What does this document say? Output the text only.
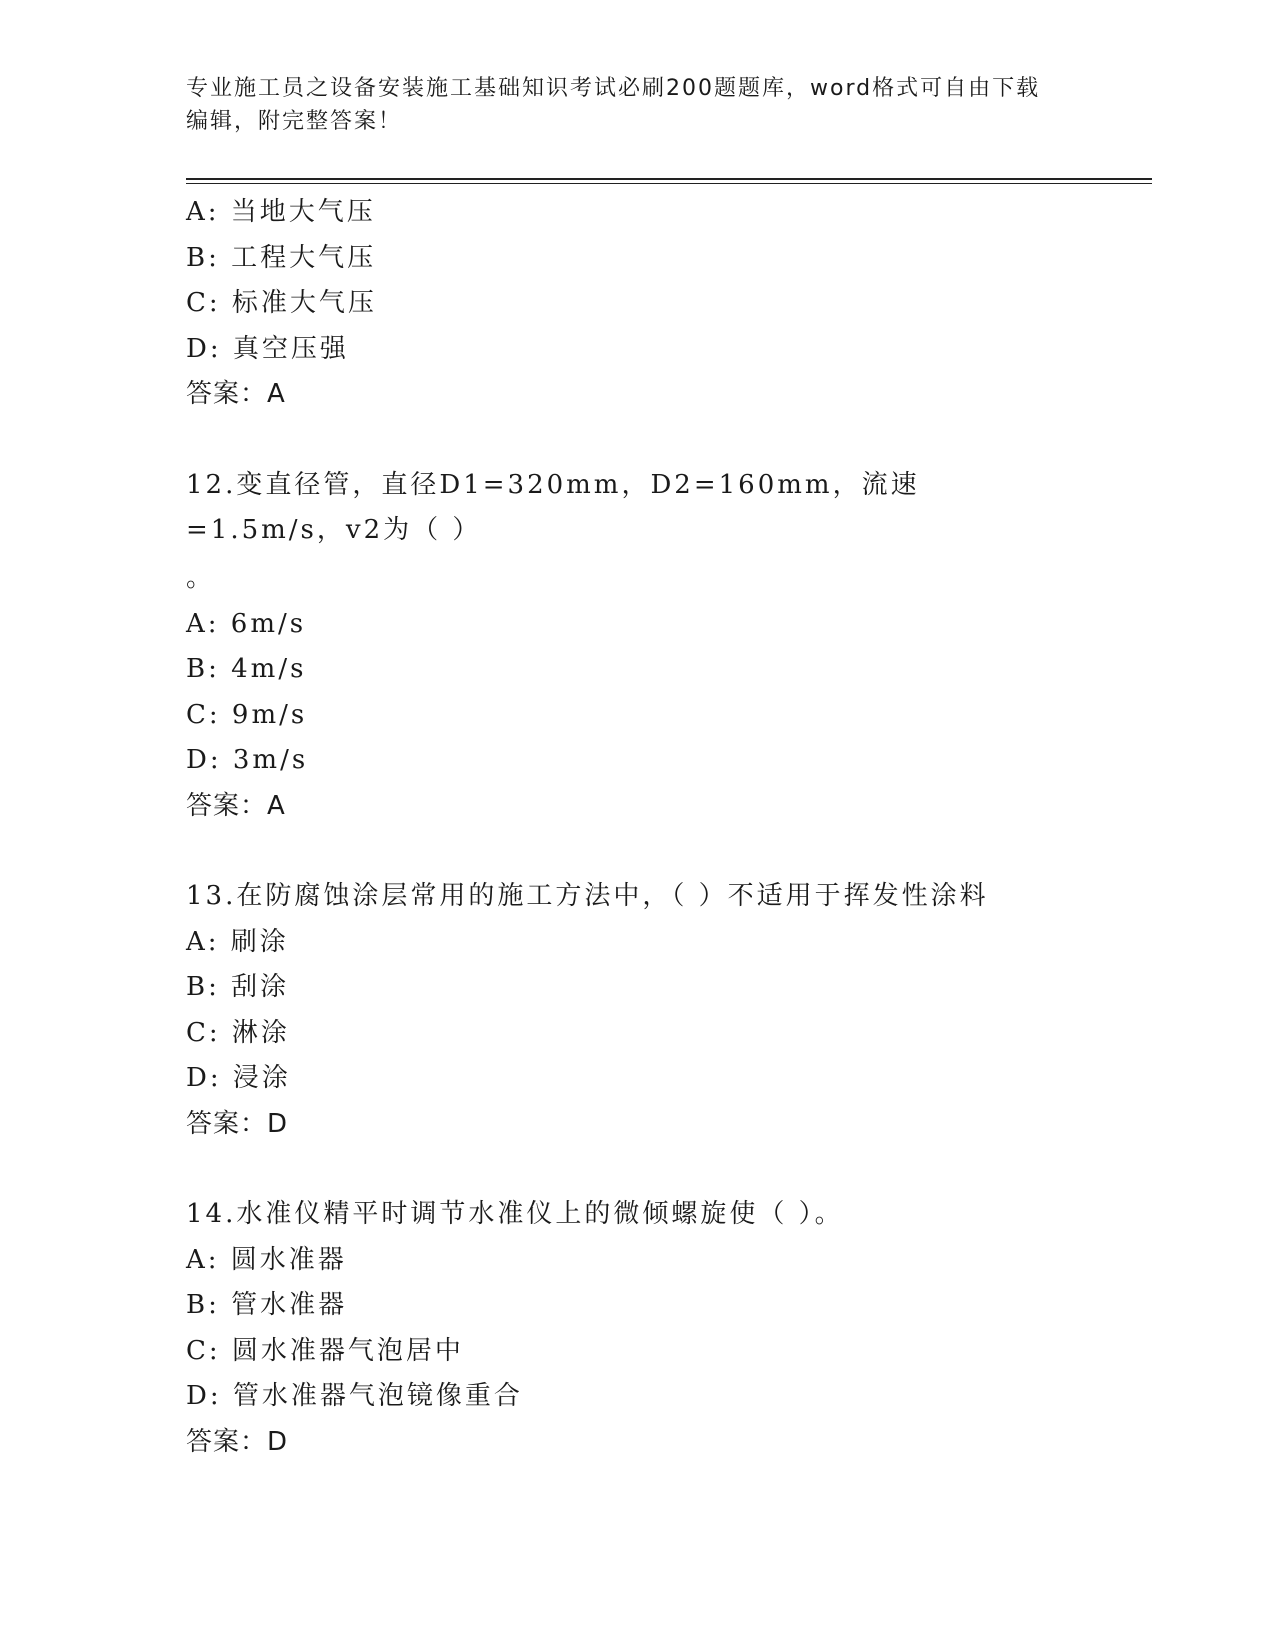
专业施工员之设备安装施工基础知识考试必刷200题题库，word格式可自由下载
编辑，附完整答案！
A: 当地大气压
B: 工程大气压
C: 标准大气压
D: 真空压强
答案：A
12.变直径管，直径D1=320mm，D2=160mm，流速=1.5m/s，v2为（ ）
。
A: 6m/s
B: 4m/s
C: 9m/s
D: 3m/s
答案：A
13.在防腐蚀涂层常用的施工方法中，（ ）不适用于挥发性涂料
A: 刷涂
B: 刮涂
C: 淋涂
D: 浸涂
答案：D
14.水准仪精平时调节水准仪上的微倾螺旋使（ ）。
A: 圆水准器
B: 管水准器
C: 圆水准器气泡居中
D: 管水准器气泡镜像重合
答案：D
